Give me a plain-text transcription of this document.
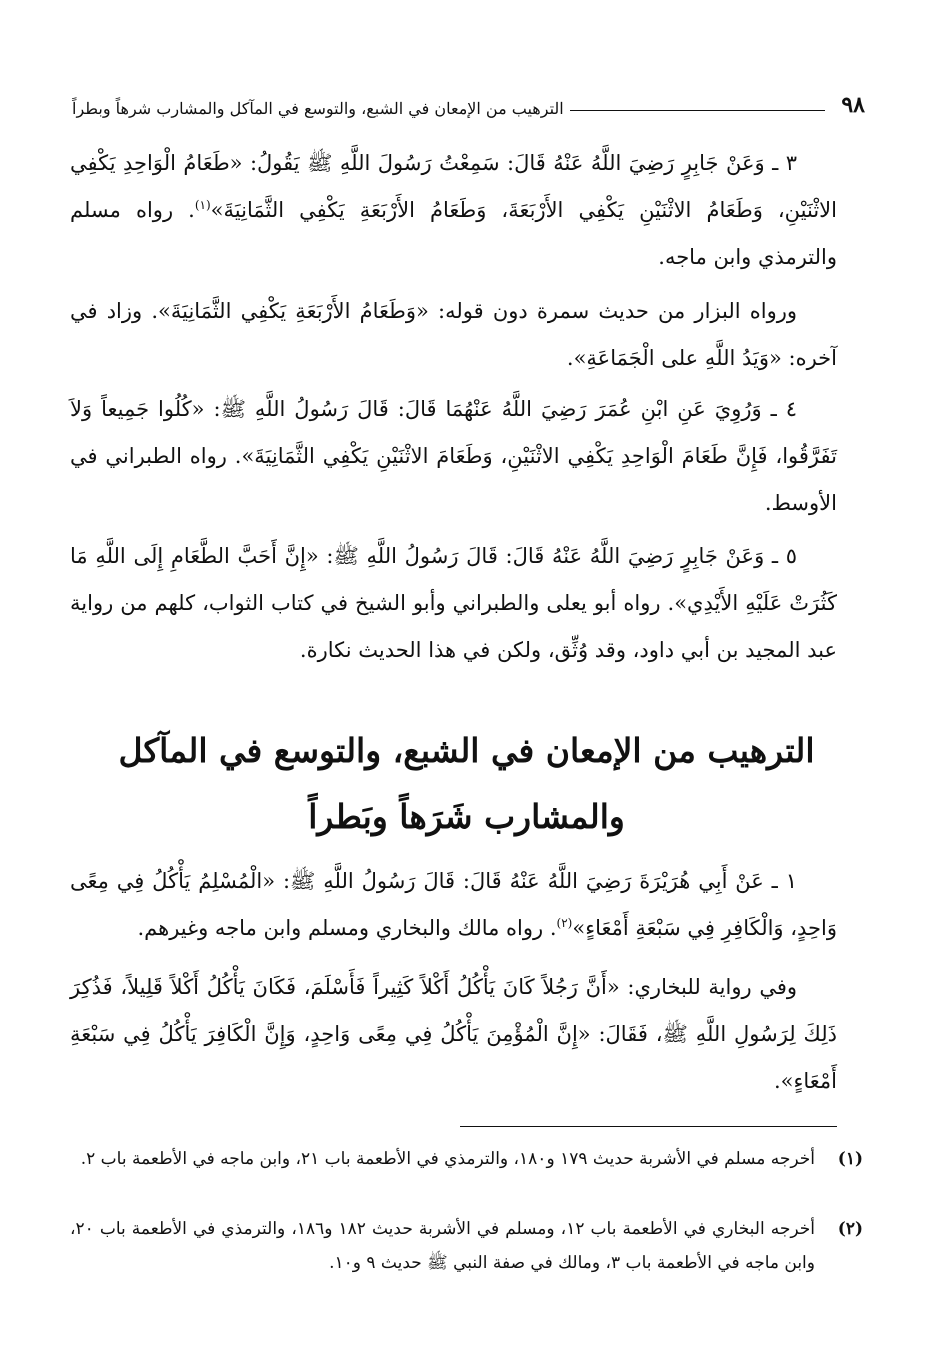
٩٨
الترهيب من الإمعان في الشبع، والتوسع في المآكل والمشارب شرهاً وبطراً
٣ ـ وَعَنْ جَابِرٍ رَضِيَ اللَّهُ عَنْهُ قَالَ: سَمِعْتُ رَسُولَ اللَّهِ ﷺ يَقُولُ: «طَعَامُ الْوَاحِدِ يَكْفِي الاثْنَيْنِ، وَطَعَامُ الاثْنَيْنِ يَكْفِي الأَرْبَعَةَ، وَطَعَامُ الأَرْبَعَةِ يَكْفِي الثَّمَانِيَةَ»$^{(١)}$. رواه مسلم والترمذي وابن ماجه.
ورواه البزار من حديث سمرة دون قوله: «وَطَعَامُ الأَرْبَعَةِ يَكْفِي الثَّمَانِيَةَ». وزاد في آخره: «وَيَدُ اللَّهِ على الْجَمَاعَةِ».
٤ ـ وَرُوِيَ عَنِ ابْنِ عُمَرَ رَضِيَ اللَّهُ عَنْهُمَا قَالَ: قَالَ رَسُولُ اللَّهِ ﷺ: «كُلُوا جَمِيعاً وَلاَ تَفَرَّقُوا، فَإِنَّ طَعَامَ الْوَاحِدِ يَكْفِي الاثْنَيْنِ، وَطَعَامَ الاثْنَيْنِ يَكْفِي الثَّمَانِيَةَ». رواه الطبراني في الأوسط.
٥ ـ وَعَنْ جَابِرٍ رَضِيَ اللَّهُ عَنْهُ قَالَ: قَالَ رَسُولُ اللَّهِ ﷺ: «إِنَّ أَحَبَّ الطَّعَامِ إِلَى اللَّهِ مَا كَثُرَتْ عَلَيْهِ الأَيْدِي». رواه أبو يعلى والطبراني وأبو الشيخ في كتاب الثواب، كلهم من رواية عبد المجيد بن أبي داود، وقد وُثِّق، ولكن في هذا الحديث نكارة.
الترهيب من الإمعان في الشبع، والتوسع في المآكل
والمشارب شَرَهاً وبَطراً
١ ـ عَنْ أَبِي هُرَيْرَةَ رَضِيَ اللَّهُ عَنْهُ قَالَ: قَالَ رَسُولُ اللَّهِ ﷺ: «الْمُسْلِمُ يَأْكُلُ فِي مِعًى وَاحِدٍ، وَالْكَافِرِ فِي سَبْعَةِ أَمْعَاءٍ»$^{(٢)}$. رواه مالك والبخاري ومسلم وابن ماجه وغيرهم.
وفي رواية للبخاري: «أَنَّ رَجُلاً كَانَ يَأْكُلُ أَكْلاً كَثِيراً فَأَسْلَمَ، فَكَانَ يَأْكُلُ أَكْلاً قَلِيلاً، فَذُكِرَ ذَلِكَ لِرَسُولِ اللَّهِ ﷺ، فَقَالَ: «إِنَّ الْمُؤْمِنَ يَأْكُلُ فِي مِعًى وَاحِدٍ، وَإِنَّ الْكَافِرَ يَأْكُلُ فِي سَبْعَةِ أَمْعَاءٍ».
(١)
أخرجه مسلم في الأشربة حديث ١٧٩ و١٨٠، والترمذي في الأطعمة باب ٢١، وابن ماجه في الأطعمة باب ٢.
(٢)
أخرجه البخاري في الأطعمة باب ١٢، ومسلم في الأشربة حديث ١٨٢ و١٨٦، والترمذي في الأطعمة باب ٢٠، وابن ماجه في الأطعمة باب ٣، ومالك في صفة النبي ﷺ حديث ٩ و١٠.
